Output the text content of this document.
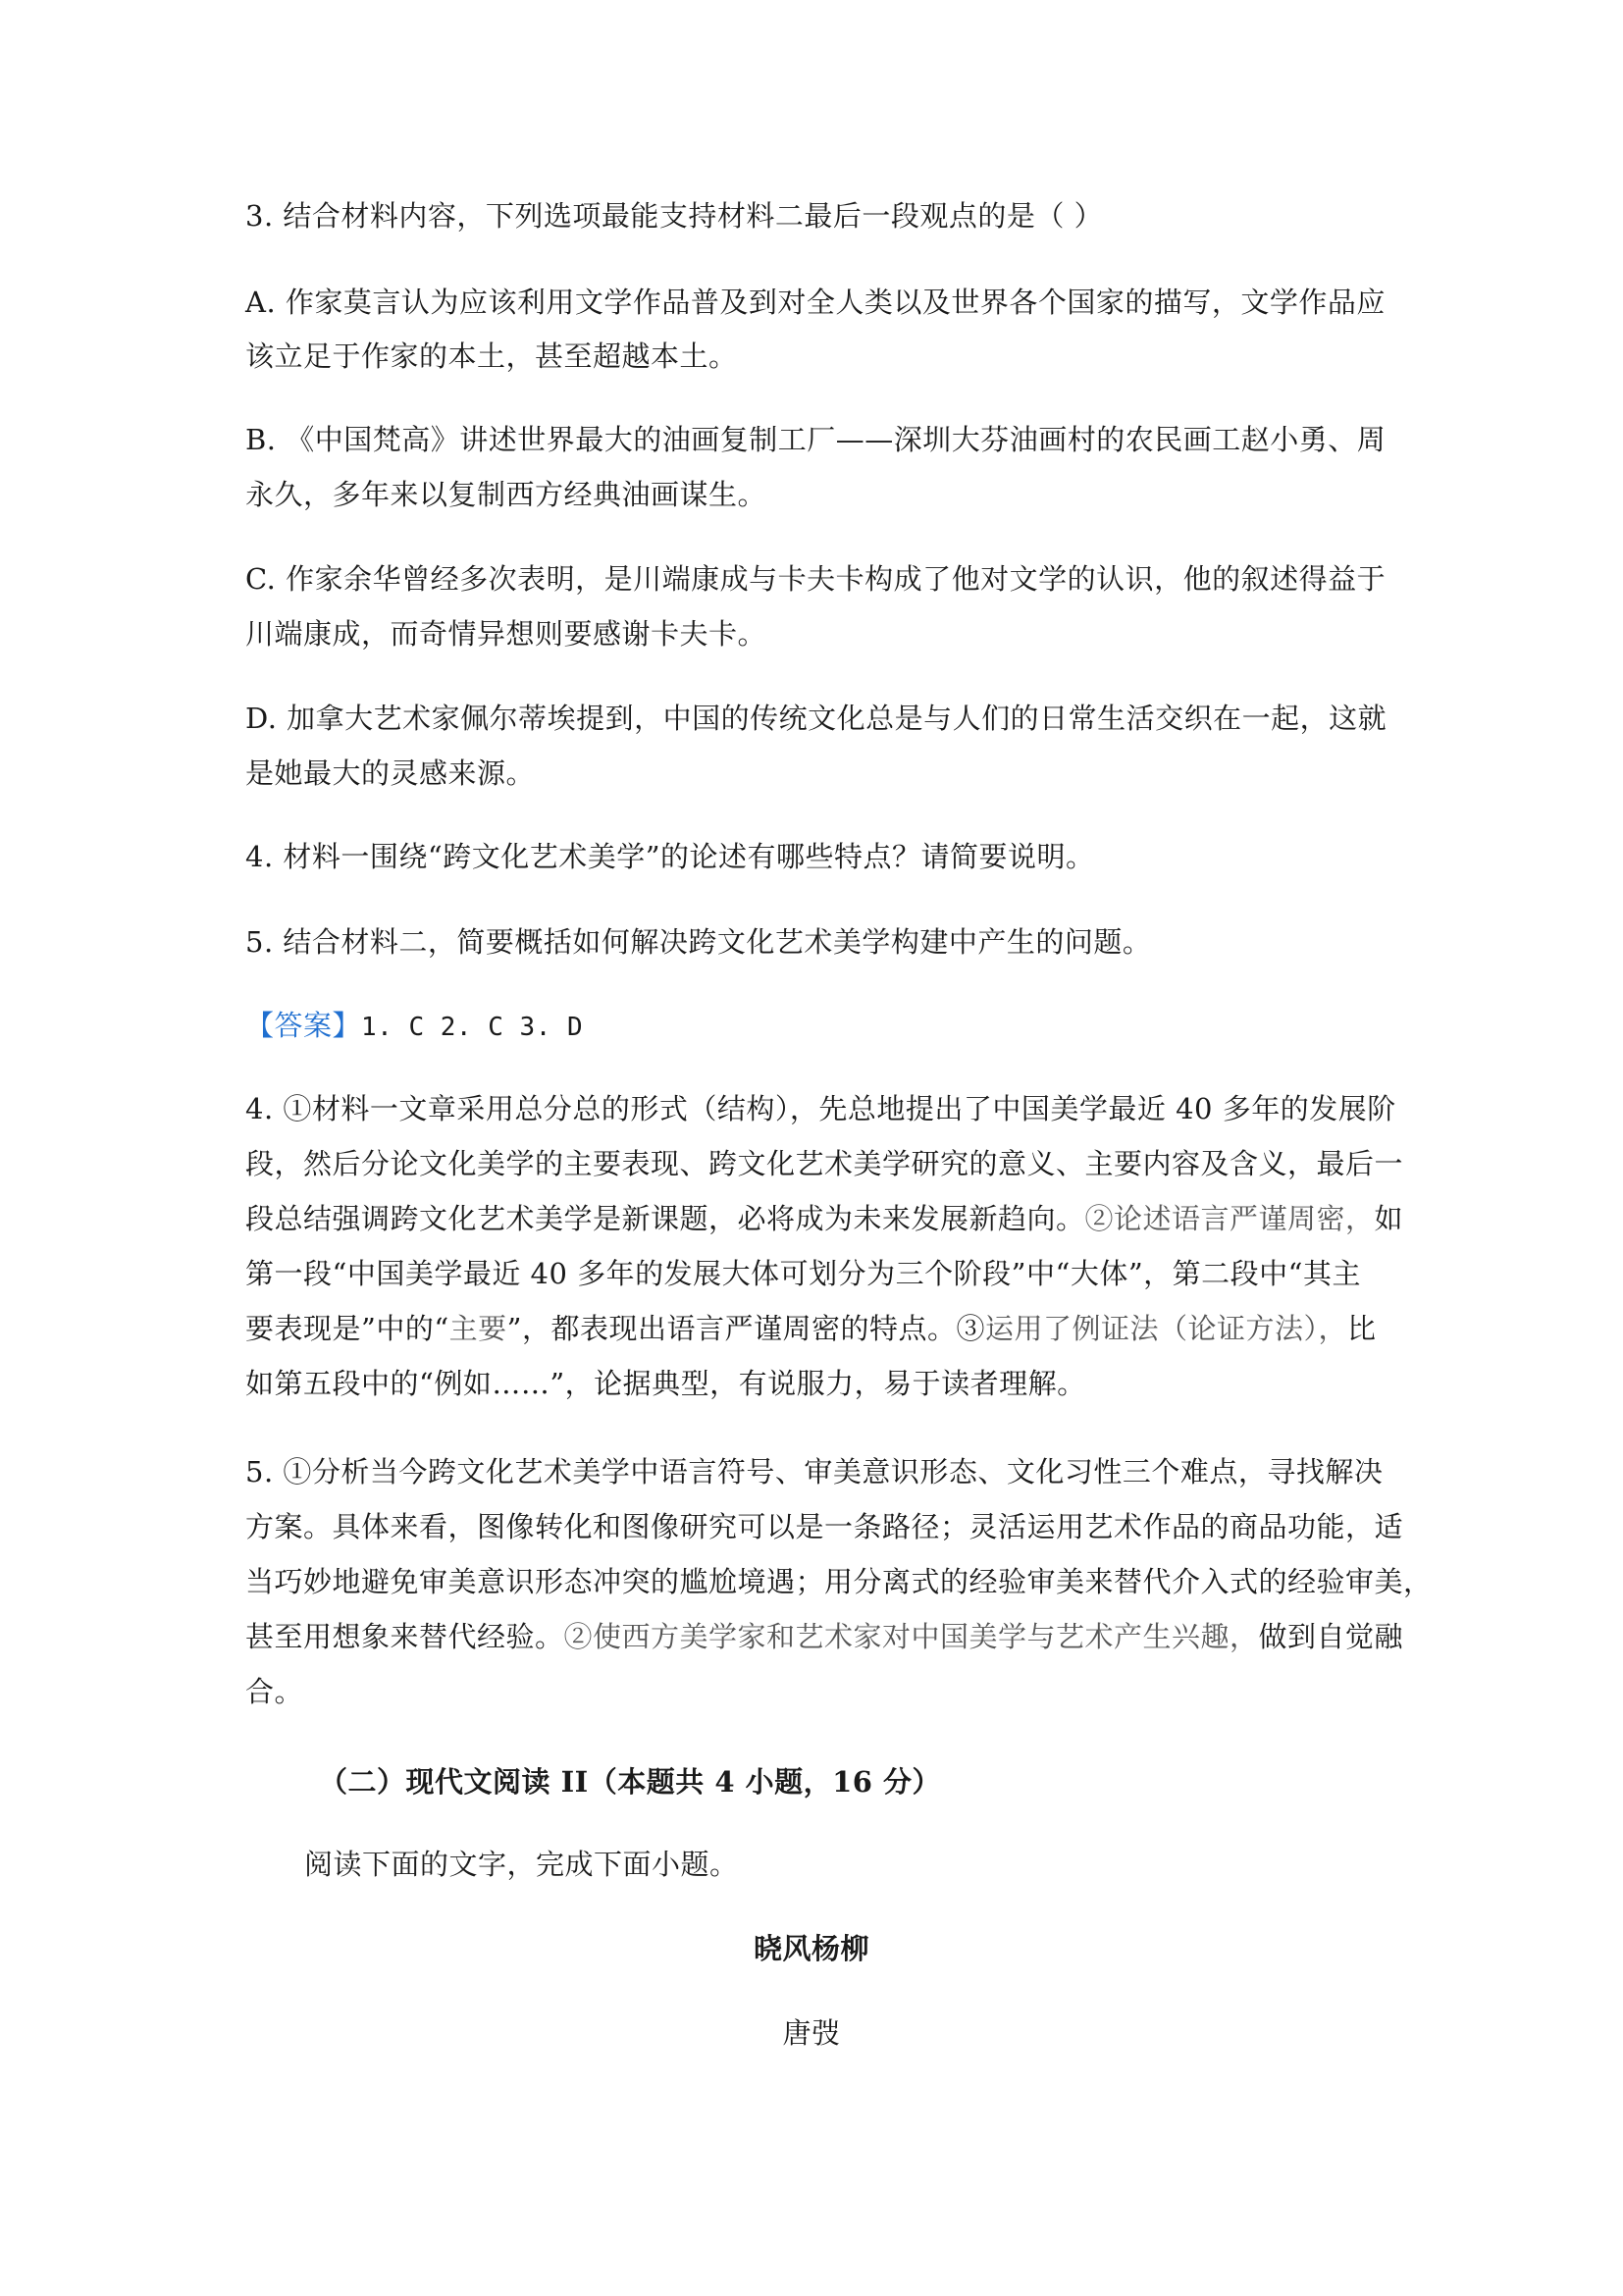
3. 结合材料内容，下列选项最能支持材料二最后一段观点的是（ ）
A. 作家莫言认为应该利用文学作品普及到对全人类以及世界各个国家的描写，文学作品应
该立足于作家的本土，甚至超越本土。
B. 《中国梵高》讲述世界最大的油画复制工厂——深圳大芬油画村的农民画工赵小勇、周
永久，多年来以复制西方经典油画谋生。
C. 作家余华曾经多次表明，是川端康成与卡夫卡构成了他对文学的认识，他的叙述得益于
川端康成，而奇情异想则要感谢卡夫卡。
D. 加拿大艺术家佩尔蒂埃提到，中国的传统文化总是与人们的日常生活交织在一起，这就
是她最大的灵感来源。
4. 材料一围绕“跨文化艺术美学”的论述有哪些特点？请简要说明。
5. 结合材料二，简要概括如何解决跨文化艺术美学构建中产生的问题。
【答案】1. C 2. C 3. D
4. ①材料一文章采用总分总的形式（结构），先总地提出了中国美学最近 40 多年的发展阶
段，然后分论文化美学的主要表现、跨文化艺术美学研究的意义、主要内容及含义，最后一
段总结强调跨文化艺术美学是新课题，必将成为未来发展新趋向。②论述语言严谨周密，如
第一段“中国美学最近 40 多年的发展大体可划分为三个阶段”中“大体”，第二段中“其主
要表现是”中的“主要”，都表现出语言严谨周密的特点。③运用了例证法（论证方法），比
如第五段中的“例如……”，论据典型，有说服力，易于读者理解。
5. ①分析当今跨文化艺术美学中语言符号、审美意识形态、文化习性三个难点，寻找解决
方案。具体来看，图像转化和图像研究可以是一条路径；灵活运用艺术作品的商品功能，适
当巧妙地避免审美意识形态冲突的尴尬境遇；用分离式的经验审美来替代介入式的经验审美，
甚至用想象来替代经验。②使西方美学家和艺术家对中国美学与艺术产生兴趣，做到自觉融
合。
（二）现代文阅读 II（本题共 4 小题，16 分）
阅读下面的文字，完成下面小题。
晓风杨柳
唐弢
